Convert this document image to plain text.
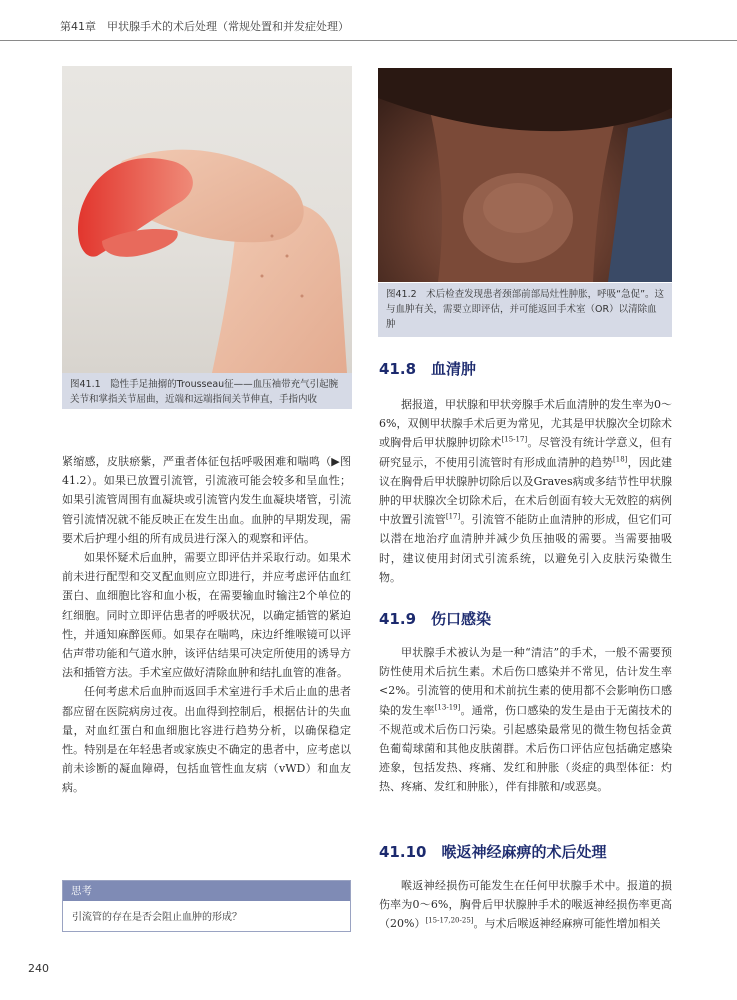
第41章　甲状腺手术的术后处理（常规处置和并发症处理）
图41.1　隐性手足抽搦的Trousseau征——血压袖带充气引起腕关节和掌指关节屈曲，近端和远端指间关节伸直，手指内收
图41.2　术后检查发现患者颈部前部局灶性肿胀，呼吸“急促”。这与血肿有关，需要立即评估，并可能返回手术室（OR）以清除血肿

紧缩感，皮肤瘀紫，严重者体征包括呼吸困难和喘鸣（▶图41.2）。如果已放置引流管，引流液可能会较多和呈血性；如果引流管周围有血凝块或引流管内发生血凝块堵管，引流管引流情况就不能反映正在发生出血。血肿的早期发现，需要术后护理小组的所有成员进行深入的观察和评估。

如果怀疑术后血肿，需要立即评估并采取行动。如果术前未进行配型和交叉配血则应立即进行，并应考虑评估血红蛋白、血细胞比容和血小板，在需要输血时输注2个单位的红细胞。同时立即评估患者的呼吸状况，以确定插管的紧迫性，并通知麻醉医师。如果存在喘鸣，床边纤维喉镜可以评估声带功能和气道水肿，该评估结果可决定所使用的诱导方法和插管方法。手术室应做好清除血肿和结扎血管的准备。

任何考虑术后血肿而返回手术室进行手术后止血的患者都应留在医院病房过夜。出血得到控制后，根据估计的失血量，对血红蛋白和血细胞比容进行趋势分析，以确保稳定性。特别是在年轻患者或家族史不确定的患者中，应考虑以前未诊断的凝血障碍，包括血管性血友病（vWD）和血友病。

思考
引流管的存在是否会阻止血肿的形成？
41.8　血清肿

据报道，甲状腺和甲状旁腺手术后血清肿的发生率为0～6%，双侧甲状腺手术后更为常见，尤其是甲状腺次全切除术或胸骨后甲状腺肿切除术[15-17]。尽管没有统计学意义，但有研究显示，不使用引流管时有形成血清肿的趋势[18]，因此建议在胸骨后甲状腺肿切除后以及Graves病或多结节性甲状腺肿的甲状腺次全切除术后，在术后创面有较大无效腔的病例中放置引流管[17]。引流管不能防止血清肿的形成，但它们可以潜在地治疗血清肿并减少负压抽吸的需要。当需要抽吸时，建议使用封闭式引流系统，以避免引入皮肤污染微生物。

41.9　伤口感染

甲状腺手术被认为是一种“清洁”的手术，一般不需要预防性使用术后抗生素。术后伤口感染并不常见，估计发生率<2%。引流管的使用和术前抗生素的使用都不会影响伤口感染的发生率[13-19]。通常，伤口感染的发生是由于无菌技术的不规范或术后伤口污染。引起感染最常见的微生物包括金黄色葡萄球菌和其他皮肤菌群。术后伤口评估应包括确定感染迹象，包括发热、疼痛、发红和肿胀（炎症的典型体征：灼热、疼痛、发红和肿胀），伴有排脓和/或恶臭。

41.10　喉返神经麻痹的术后处理

喉返神经损伤可能发生在任何甲状腺手术中。报道的损伤率为0～6%，胸骨后甲状腺肿手术的喉返神经损伤率更高（20%）[15-17,20-25]。与术后喉返神经麻痹可能性增加相关

240
